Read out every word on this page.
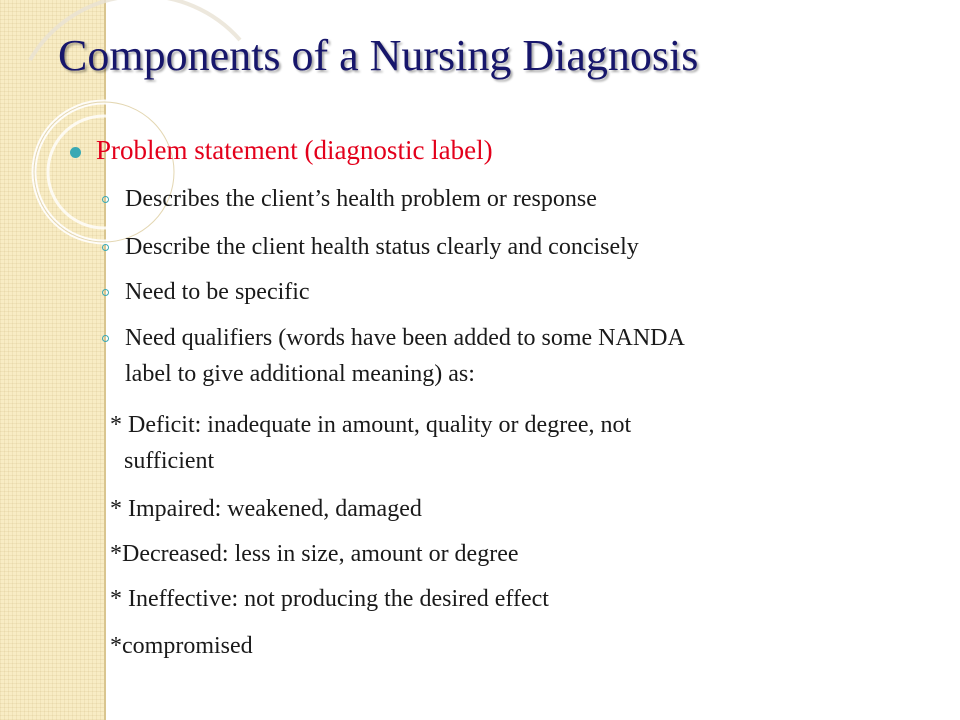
Components of a Nursing Diagnosis
Problem statement (diagnostic label)
Describes the client’s health problem or response
Describe the client health status clearly and concisely
Need to be specific
Need qualifiers (words have been added to some NANDA
label to give additional meaning) as:
* Deficit: inadequate in amount, quality or degree, not
sufficient
* Impaired: weakened, damaged
*Decreased: less in size, amount or degree
* Ineffective: not producing the desired effect
*compromised
